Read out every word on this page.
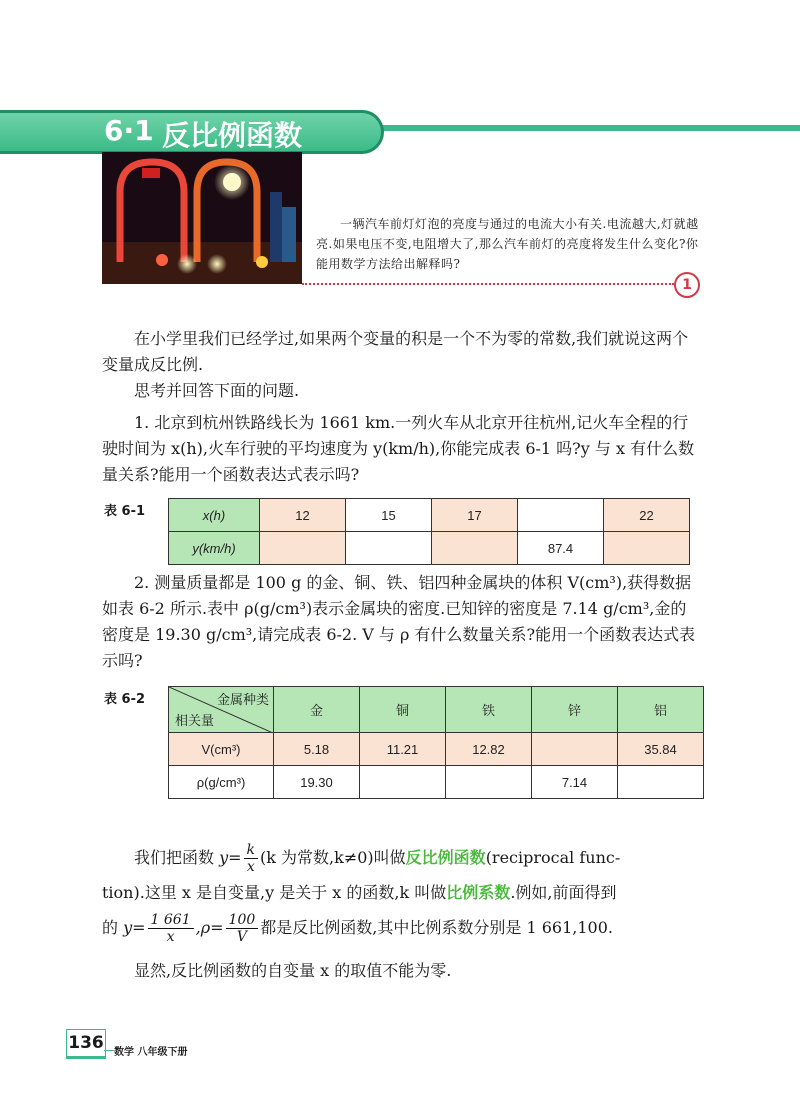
6·1 反比例函数
一辆汽车前灯灯泡的亮度与通过的电流大小有关.电流越大,灯就越亮.如果电压不变,电阻增大了,那么汽车前灯的亮度将发生什么变化?你能用数学方法给出解释吗?
1
在小学里我们已经学过,如果两个变量的积是一个不为零的常数,我们就说这两个变量成反比例.
思考并回答下面的问题.
1. 北京到杭州铁路线长为 1661 km.一列火车从北京开往杭州,记火车全程的行驶时间为 x(h),火车行驶的平均速度为 y(km/h),你能完成表 6-1 吗?y 与 x 有什么数量关系?能用一个函数表达式表示吗?
表 6-1	x(h)	12	15	17		22
y(km/h)				87.4	
2. 测量质量都是 100 g 的金、铜、铁、铝四种金属块的体积 V(cm³),获得数据如表 6-2 所示.表中 ρ(g/cm³)表示金属块的密度.已知锌的密度是 7.14 g/cm³,金的密度是 19.30 g/cm³,请完成表 6-2. V 与 ρ 有什么数量关系?能用一个函数表达式表示吗?
表 6-2	金属种类
相关量	金	铜	铁	锌	铝
V(cm³)	5.18	11.21	12.82		35.84
ρ(g/cm³)	19.30			7.14	
我们把函数 $y= \frac{k}{x} (k$ 为常数,k≠0)叫做反比例函数(reciprocal func-
tion).这里 x 是自变量,y 是关于 x 的函数,k 叫做比例系数.例如,前面得到
的 $y= \frac{1 661}{x} ,\rho= \frac{100}{V}$ 都是反比例函数,其中比例系数分别是 1 661,100.
显然,反比例函数的自变量 x 的取值不能为零.
136 数学 八年级下册
